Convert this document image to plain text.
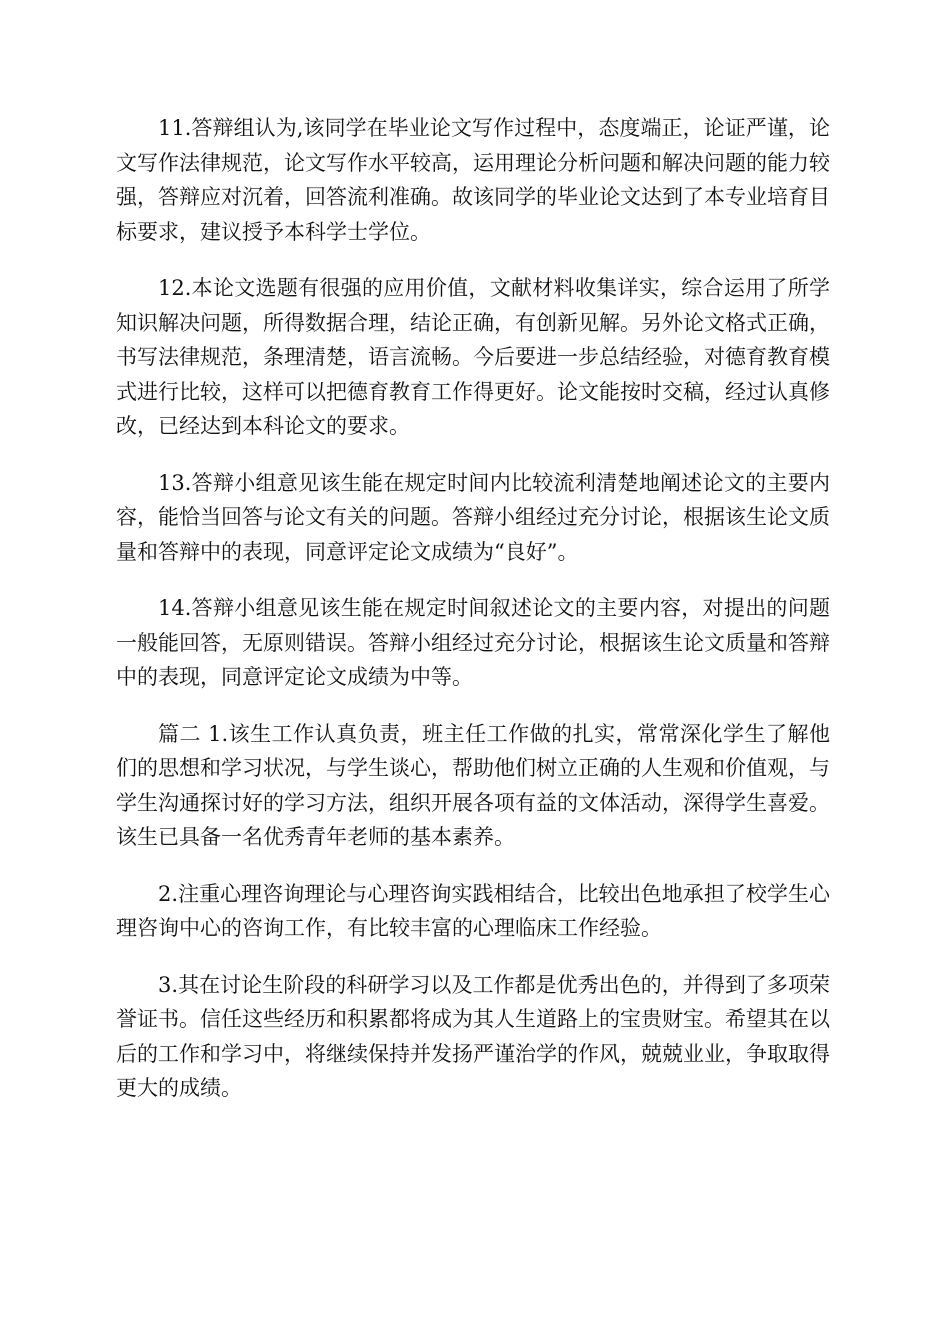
11.答辩组认为,该同学在毕业论文写作过程中，态度端正，论证严谨，论文写作法律规范，论文写作水平较高，运用理论分析问题和解决问题的能力较强，答辩应对沉着，回答流利准确。故该同学的毕业论文达到了本专业培育目标要求，建议授予本科学士学位。

12.本论文选题有很强的应用价值，文献材料收集详实，综合运用了所学知识解决问题，所得数据合理，结论正确，有创新见解。另外论文格式正确，书写法律规范，条理清楚，语言流畅。今后要进一步总结经验，对德育教育模式进行比较，这样可以把德育教育工作得更好。论文能按时交稿，经过认真修改，已经达到本科论文的要求。

13.答辩小组意见该生能在规定时间内比较流利清楚地阐述论文的主要内容，能恰当回答与论文有关的问题。答辩小组经过充分讨论，根据该生论文质量和答辩中的表现，同意评定论文成绩为“良好”。

14.答辩小组意见该生能在规定时间叙述论文的主要内容，对提出的问题一般能回答，无原则错误。答辩小组经过充分讨论，根据该生论文质量和答辩中的表现，同意评定论文成绩为中等。

篇二 1.该生工作认真负责，班主任工作做的扎实，常常深化学生了解他们的思想和学习状况，与学生谈心，帮助他们树立正确的人生观和价值观，与学生沟通探讨好的学习方法，组织开展各项有益的文体活动，深得学生喜爱。该生已具备一名优秀青年老师的基本素养。

2.注重心理咨询理论与心理咨询实践相结合，比较出色地承担了校学生心理咨询中心的咨询工作，有比较丰富的心理临床工作经验。

3.其在讨论生阶段的科研学习以及工作都是优秀出色的，并得到了多项荣誉证书。信任这些经历和积累都将成为其人生道路上的宝贵财宝。希望其在以后的工作和学习中，将继续保持并发扬严谨治学的作风，兢兢业业，争取取得更大的成绩。
